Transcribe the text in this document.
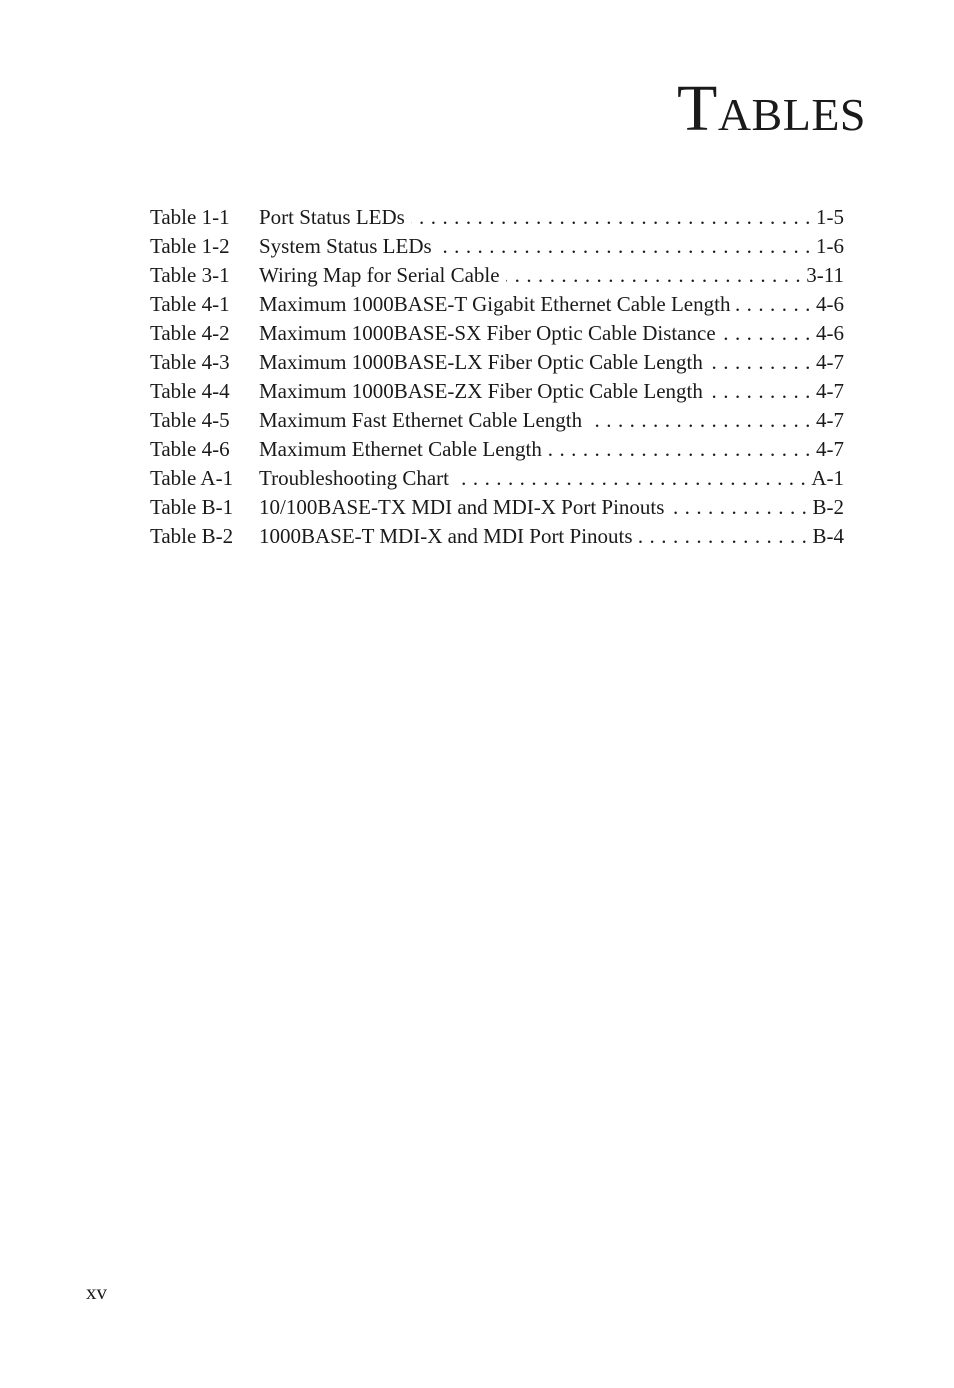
Tables
Table 1-1	Port Status LEDs . . .	1-5
Table 1-2	System Status LEDs . . .	1-6
Table 3-1	Wiring Map for Serial Cable . . .	3-11
Table 4-1	Maximum 1000BASE-T Gigabit Ethernet Cable Length . . .	4-6
Table 4-2	Maximum 1000BASE-SX Fiber Optic Cable Distance . . .	4-6
Table 4-3	Maximum 1000BASE-LX Fiber Optic Cable Length . . .	4-7
Table 4-4	Maximum 1000BASE-ZX Fiber Optic Cable Length . . .	4-7
Table 4-5	Maximum Fast Ethernet Cable Length . . .	4-7
Table 4-6	Maximum Ethernet Cable Length . . .	4-7
Table A-1	Troubleshooting Chart . . .	A-1
Table B-1	10/100BASE-TX MDI and MDI-X Port Pinouts . . .	B-2
Table B-2	1000BASE-T MDI-X and MDI Port Pinouts . . .	B-4
xv
